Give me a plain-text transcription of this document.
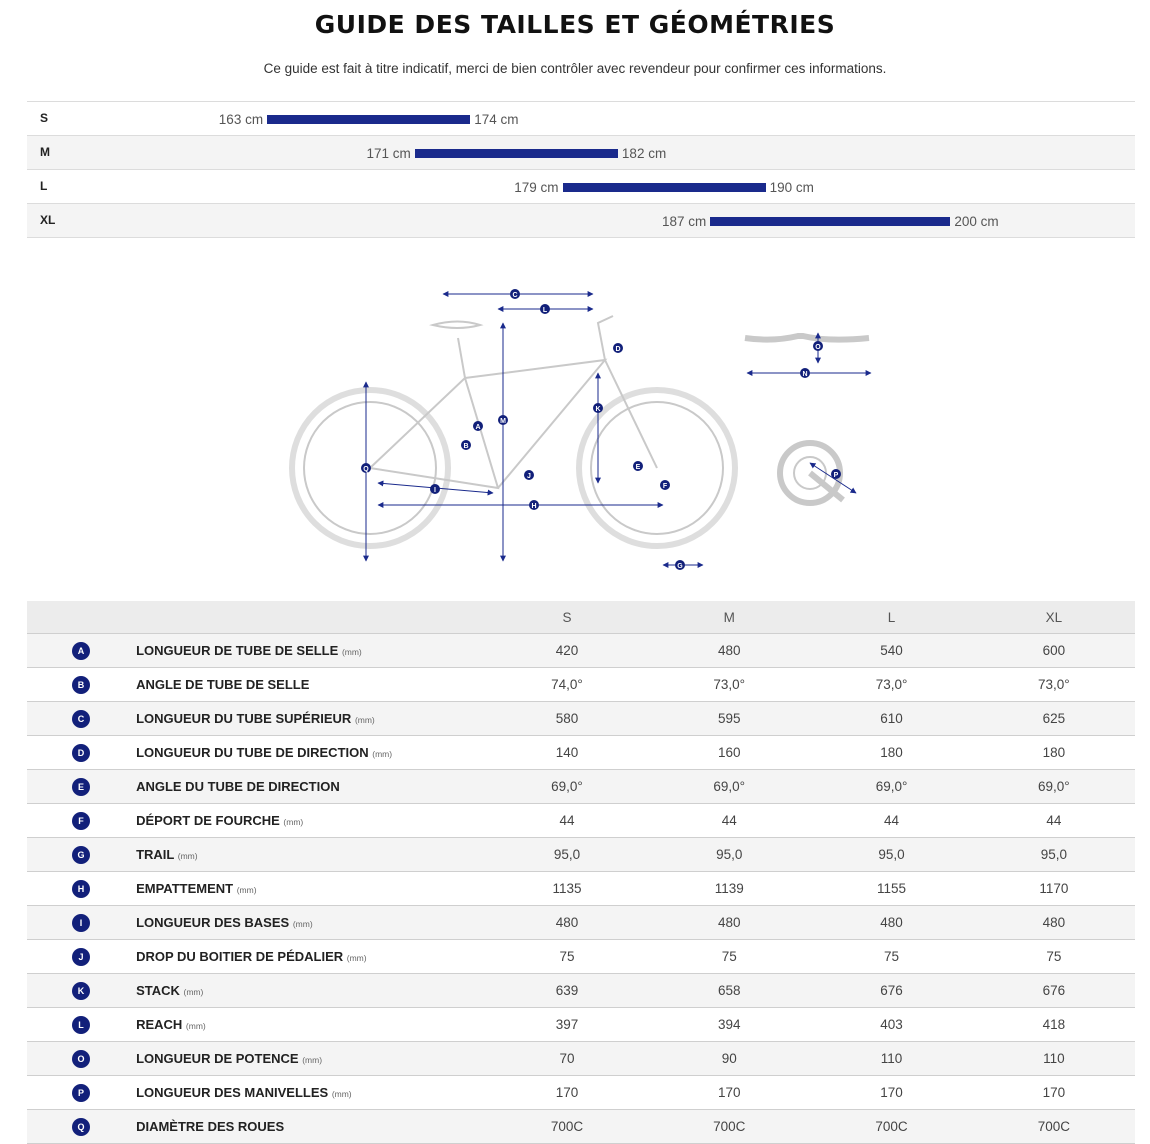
GUIDE DES TAILLES ET GÉOMÉTRIES
Ce guide est fait à titre indicatif, merci de bien contrôler avec revendeur pour confirmer ces informations.
S	163 cm	174 cm
M	171 cm	182 cm
L	179 cm	190 cm
XL	187 cm	200 cm
C
L
A
B
D
E
F
G
H
I
J
K
M
N
O
P
Q
		S	M	L	XL
A	LONGUEUR DE TUBE DE SELLE (mm)	420	480	540	600
B	ANGLE DE TUBE DE SELLE	74,0°	73,0°	73,0°	73,0°
C	LONGUEUR DU TUBE SUPÉRIEUR (mm)	580	595	610	625
D	LONGUEUR DU TUBE DE DIRECTION (mm)	140	160	180	180
E	ANGLE DU TUBE DE DIRECTION	69,0°	69,0°	69,0°	69,0°
F	DÉPORT DE FOURCHE (mm)	44	44	44	44
G	TRAIL (mm)	95,0	95,0	95,0	95,0
H	EMPATTEMENT (mm)	1135	1139	1155	1170
I	LONGUEUR DES BASES (mm)	480	480	480	480
J	DROP DU BOITIER DE PÉDALIER (mm)	75	75	75	75
K	STACK (mm)	639	658	676	676
L	REACH (mm)	397	394	403	418
O	LONGUEUR DE POTENCE (mm)	70	90	110	110
P	LONGUEUR DES MANIVELLES (mm)	170	170	170	170
Q	DIAMÈTRE DES ROUES	700C	700C	700C	700C
